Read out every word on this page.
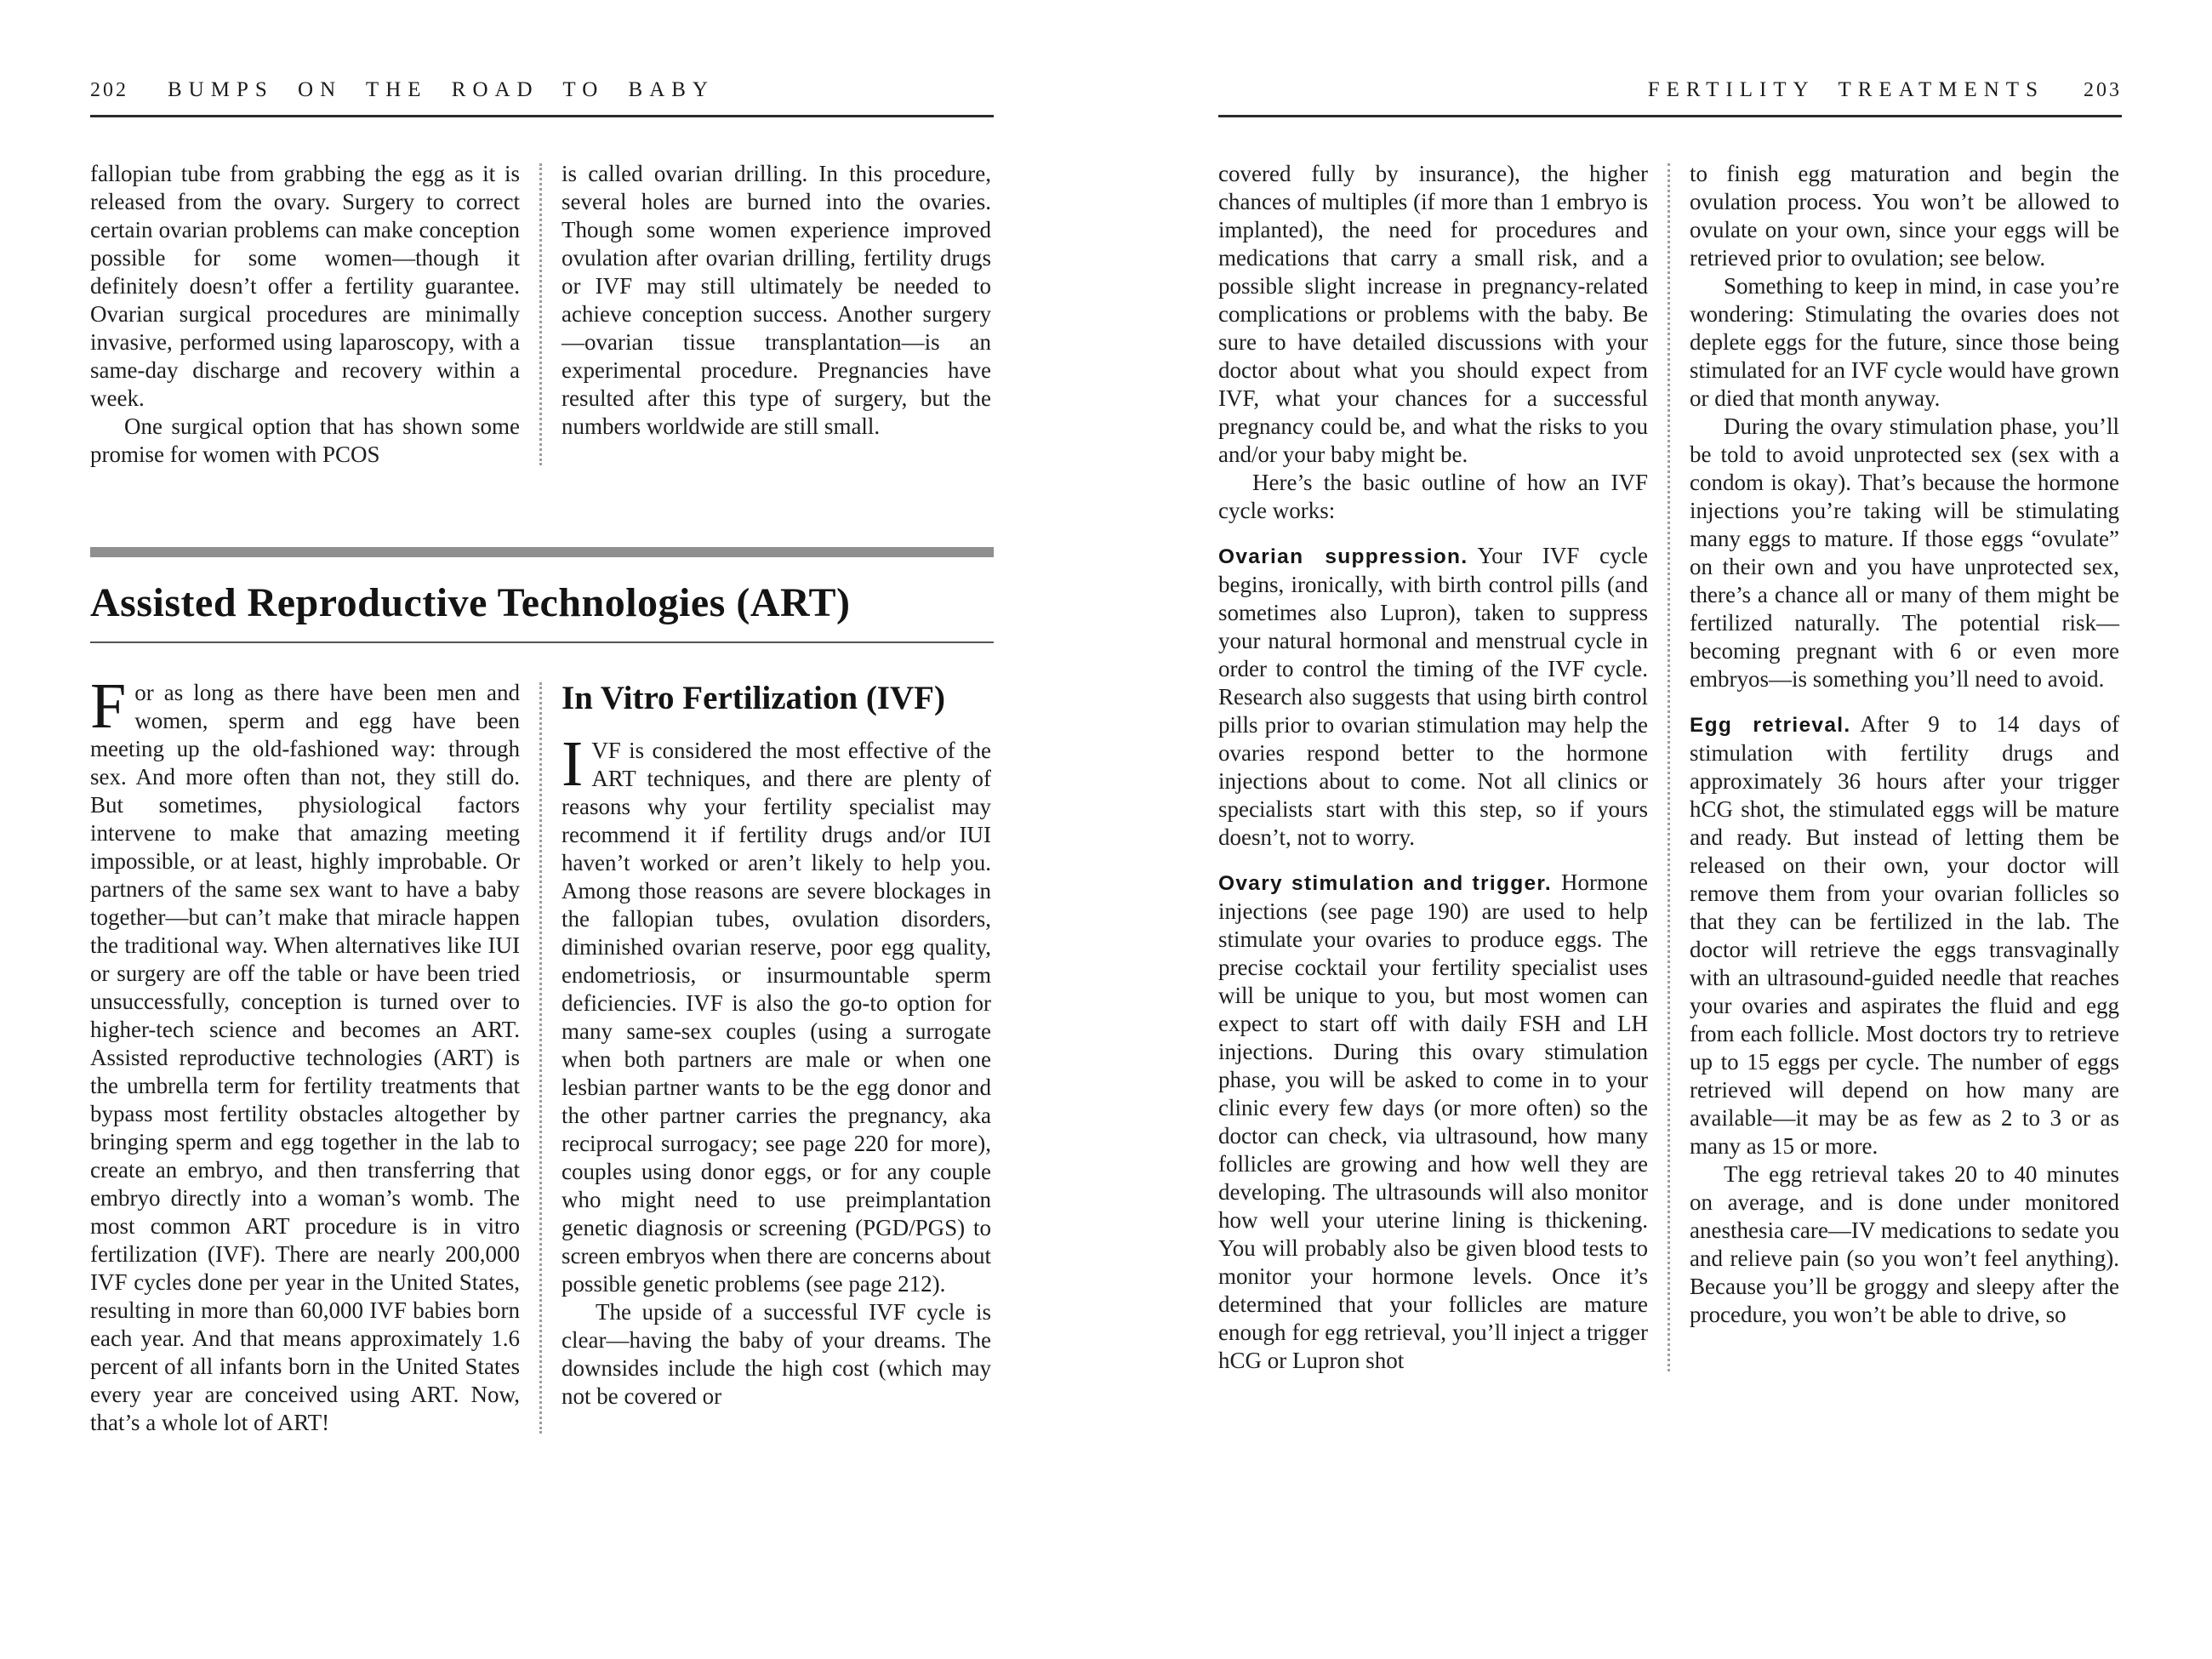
202 BUMPS ON THE ROAD TO BABY

fallopian tube from grabbing the egg as it is released from the ovary. Surgery to correct certain ovarian problems can make conception possible for some women—though it definitely doesn’t offer a fertility guarantee. Ovarian surgical procedures are minimally invasive, performed using laparoscopy, with a same-day discharge and recovery within a week.

One surgical option that has shown some promise for women with PCOS

is called ovarian drilling. In this procedure, several holes are burned into the ovaries. Though some women experience improved ovulation after ovarian drilling, fertility drugs or IVF may still ultimately be needed to achieve conception success. Another surgery—ovarian tissue transplantation—is an experimental procedure. Pregnancies have resulted after this type of surgery, but the numbers worldwide are still small.

Assisted Reproductive Technologies (ART)

For as long as there have been men and women, sperm and egg have been meeting up the old-fashioned way: through sex. And more often than not, they still do. But sometimes, physiological factors intervene to make that amazing meeting impossible, or at least, highly improbable. Or partners of the same sex want to have a baby together—but can’t make that miracle happen the traditional way. When alternatives like IUI or surgery are off the table or have been tried unsuccessfully, conception is turned over to higher-tech science and becomes an ART. Assisted reproductive technologies (ART) is the umbrella term for fertility treatments that bypass most fertility obstacles altogether by bringing sperm and egg together in the lab to create an embryo, and then transferring that embryo directly into a woman’s womb. The most common ART procedure is in vitro fertilization (IVF). There are nearly 200,000 IVF cycles done per year in the United States, resulting in more than 60,000 IVF babies born each year. And that means approximately 1.6 percent of all infants born in the United States every year are conceived using ART. Now, that’s a whole lot of ART!

In Vitro Fertilization (IVF)

IVF is considered the most effective of the ART techniques, and there are plenty of reasons why your fertility specialist may recommend it if fertility drugs and/or IUI haven’t worked or aren’t likely to help you. Among those reasons are severe blockages in the fallopian tubes, ovulation disorders, diminished ovarian reserve, poor egg quality, endometriosis, or insurmountable sperm deficiencies. IVF is also the go-to option for many same-sex couples (using a surrogate when both partners are male or when one lesbian partner wants to be the egg donor and the other partner carries the pregnancy, aka reciprocal surrogacy; see page 220 for more), couples using donor eggs, or for any couple who might need to use preimplantation genetic diagnosis or screening (PGD/PGS) to screen embryos when there are concerns about possible genetic problems (see page 212).

The upside of a successful IVF cycle is clear—having the baby of your dreams. The downsides include the high cost (which may not be covered or

FERTILITY TREATMENTS 203

covered fully by insurance), the higher chances of multiples (if more than 1 embryo is implanted), the need for procedures and medications that carry a small risk, and a possible slight increase in pregnancy-related complications or problems with the baby. Be sure to have detailed discussions with your doctor about what you should expect from IVF, what your chances for a successful pregnancy could be, and what the risks to you and/or your baby might be.

Here’s the basic outline of how an IVF cycle works:

Ovarian suppression. Your IVF cycle begins, ironically, with birth control pills (and sometimes also Lupron), taken to suppress your natural hormonal and menstrual cycle in order to control the timing of the IVF cycle. Research also suggests that using birth control pills prior to ovarian stimulation may help the ovaries respond better to the hormone injections about to come. Not all clinics or specialists start with this step, so if yours doesn’t, not to worry.

Ovary stimulation and trigger. Hormone injections (see page 190) are used to help stimulate your ovaries to produce eggs. The precise cocktail your fertility specialist uses will be unique to you, but most women can expect to start off with daily FSH and LH injections. During this ovary stimulation phase, you will be asked to come in to your clinic every few days (or more often) so the doctor can check, via ultrasound, how many follicles are growing and how well they are developing. The ultrasounds will also monitor how well your uterine lining is thickening. You will probably also be given blood tests to monitor your hormone levels. Once it’s determined that your follicles are mature enough for egg retrieval, you’ll inject a trigger hCG or Lupron shot

to finish egg maturation and begin the ovulation process. You won’t be allowed to ovulate on your own, since your eggs will be retrieved prior to ovulation; see below.

Something to keep in mind, in case you’re wondering: Stimulating the ovaries does not deplete eggs for the future, since those being stimulated for an IVF cycle would have grown or died that month anyway.

During the ovary stimulation phase, you’ll be told to avoid unprotected sex (sex with a condom is okay). That’s because the hormone injections you’re taking will be stimulating many eggs to mature. If those eggs “ovulate” on their own and you have unprotected sex, there’s a chance all or many of them might be fertilized naturally. The potential risk—becoming pregnant with 6 or even more embryos—is something you’ll need to avoid.

Egg retrieval. After 9 to 14 days of stimulation with fertility drugs and approximately 36 hours after your trigger hCG shot, the stimulated eggs will be mature and ready. But instead of letting them be released on their own, your doctor will remove them from your ovarian follicles so that they can be fertilized in the lab. The doctor will retrieve the eggs transvaginally with an ultrasound-guided needle that reaches your ovaries and aspirates the fluid and egg from each follicle. Most doctors try to retrieve up to 15 eggs per cycle. The number of eggs retrieved will depend on how many are available—it may be as few as 2 to 3 or as many as 15 or more.

The egg retrieval takes 20 to 40 minutes on average, and is done under monitored anesthesia care—IV medications to sedate you and relieve pain (so you won’t feel anything). Because you’ll be groggy and sleepy after the procedure, you won’t be able to drive, so
